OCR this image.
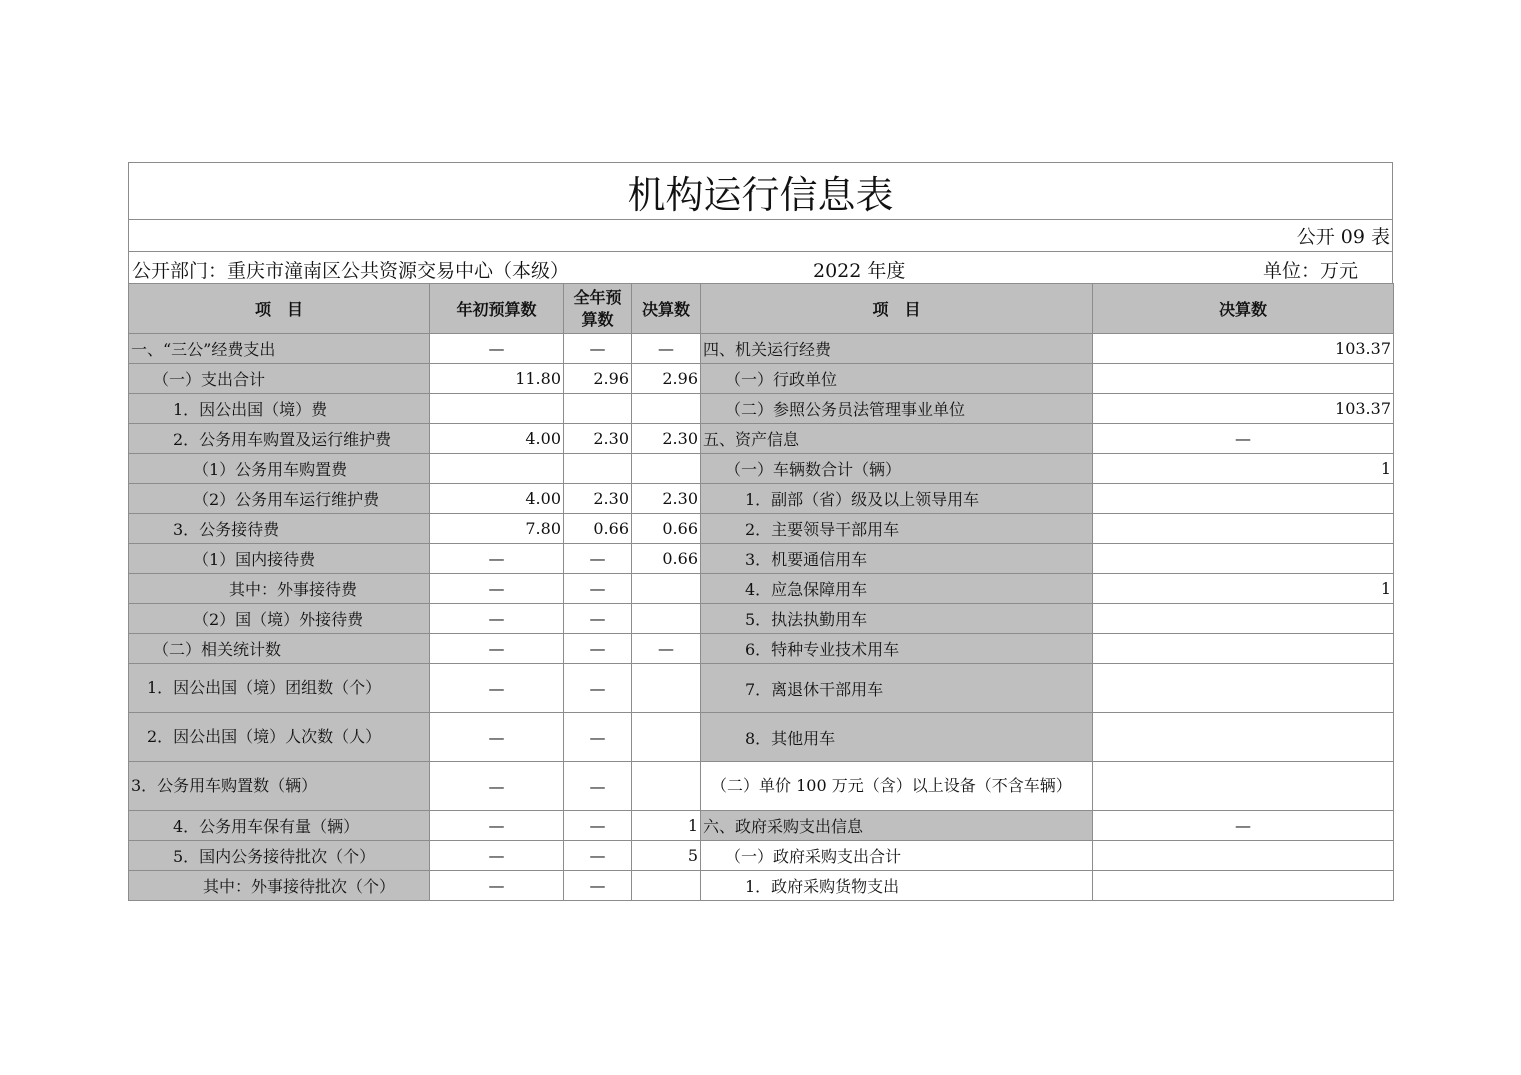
机构运行信息表
公开 09 表
公开部门：重庆市潼南区公共资源交易中心（本级）	2022 年度	单位：万元
项　目	年初预算数	全年预算数	决算数	项　目	决算数
一、“三公”经费支出	—	—	—	四、机关运行经费	103.37
（一）支出合计	11.80	2.96	2.96	（一）行政单位	
1．因公出国（境）费				（二）参照公务员法管理事业单位	103.37
2．公务用车购置及运行维护费	4.00	2.30	2.30	五、资产信息	—
（1）公务用车购置费				（一）车辆数合计（辆）	1
（2）公务用车运行维护费	4.00	2.30	2.30	1．副部（省）级及以上领导用车	
3．公务接待费	7.80	0.66	0.66	2．主要领导干部用车	
（1）国内接待费	—	—	0.66	3．机要通信用车	
其中：外事接待费	—	—		4．应急保障用车	1
（2）国（境）外接待费	—	—		5．执法执勤用车	
（二）相关统计数	—	—	—	6．特种专业技术用车	
　1．因公出国（境）团组数（个）	—	—		7．离退休干部用车	
　2．因公出国（境）人次数（人）	—	—		8．其他用车	
3．公务用车购置数（辆）	—	—		　（二）单价 100 万元（含）以上设备（不含车辆）	
4．公务用车保有量（辆）	—	—	1	六、政府采购支出信息	—
5．国内公务接待批次（个）	—	—	5	（一）政府采购支出合计	
其中：外事接待批次（个）	—	—		1．政府采购货物支出	
